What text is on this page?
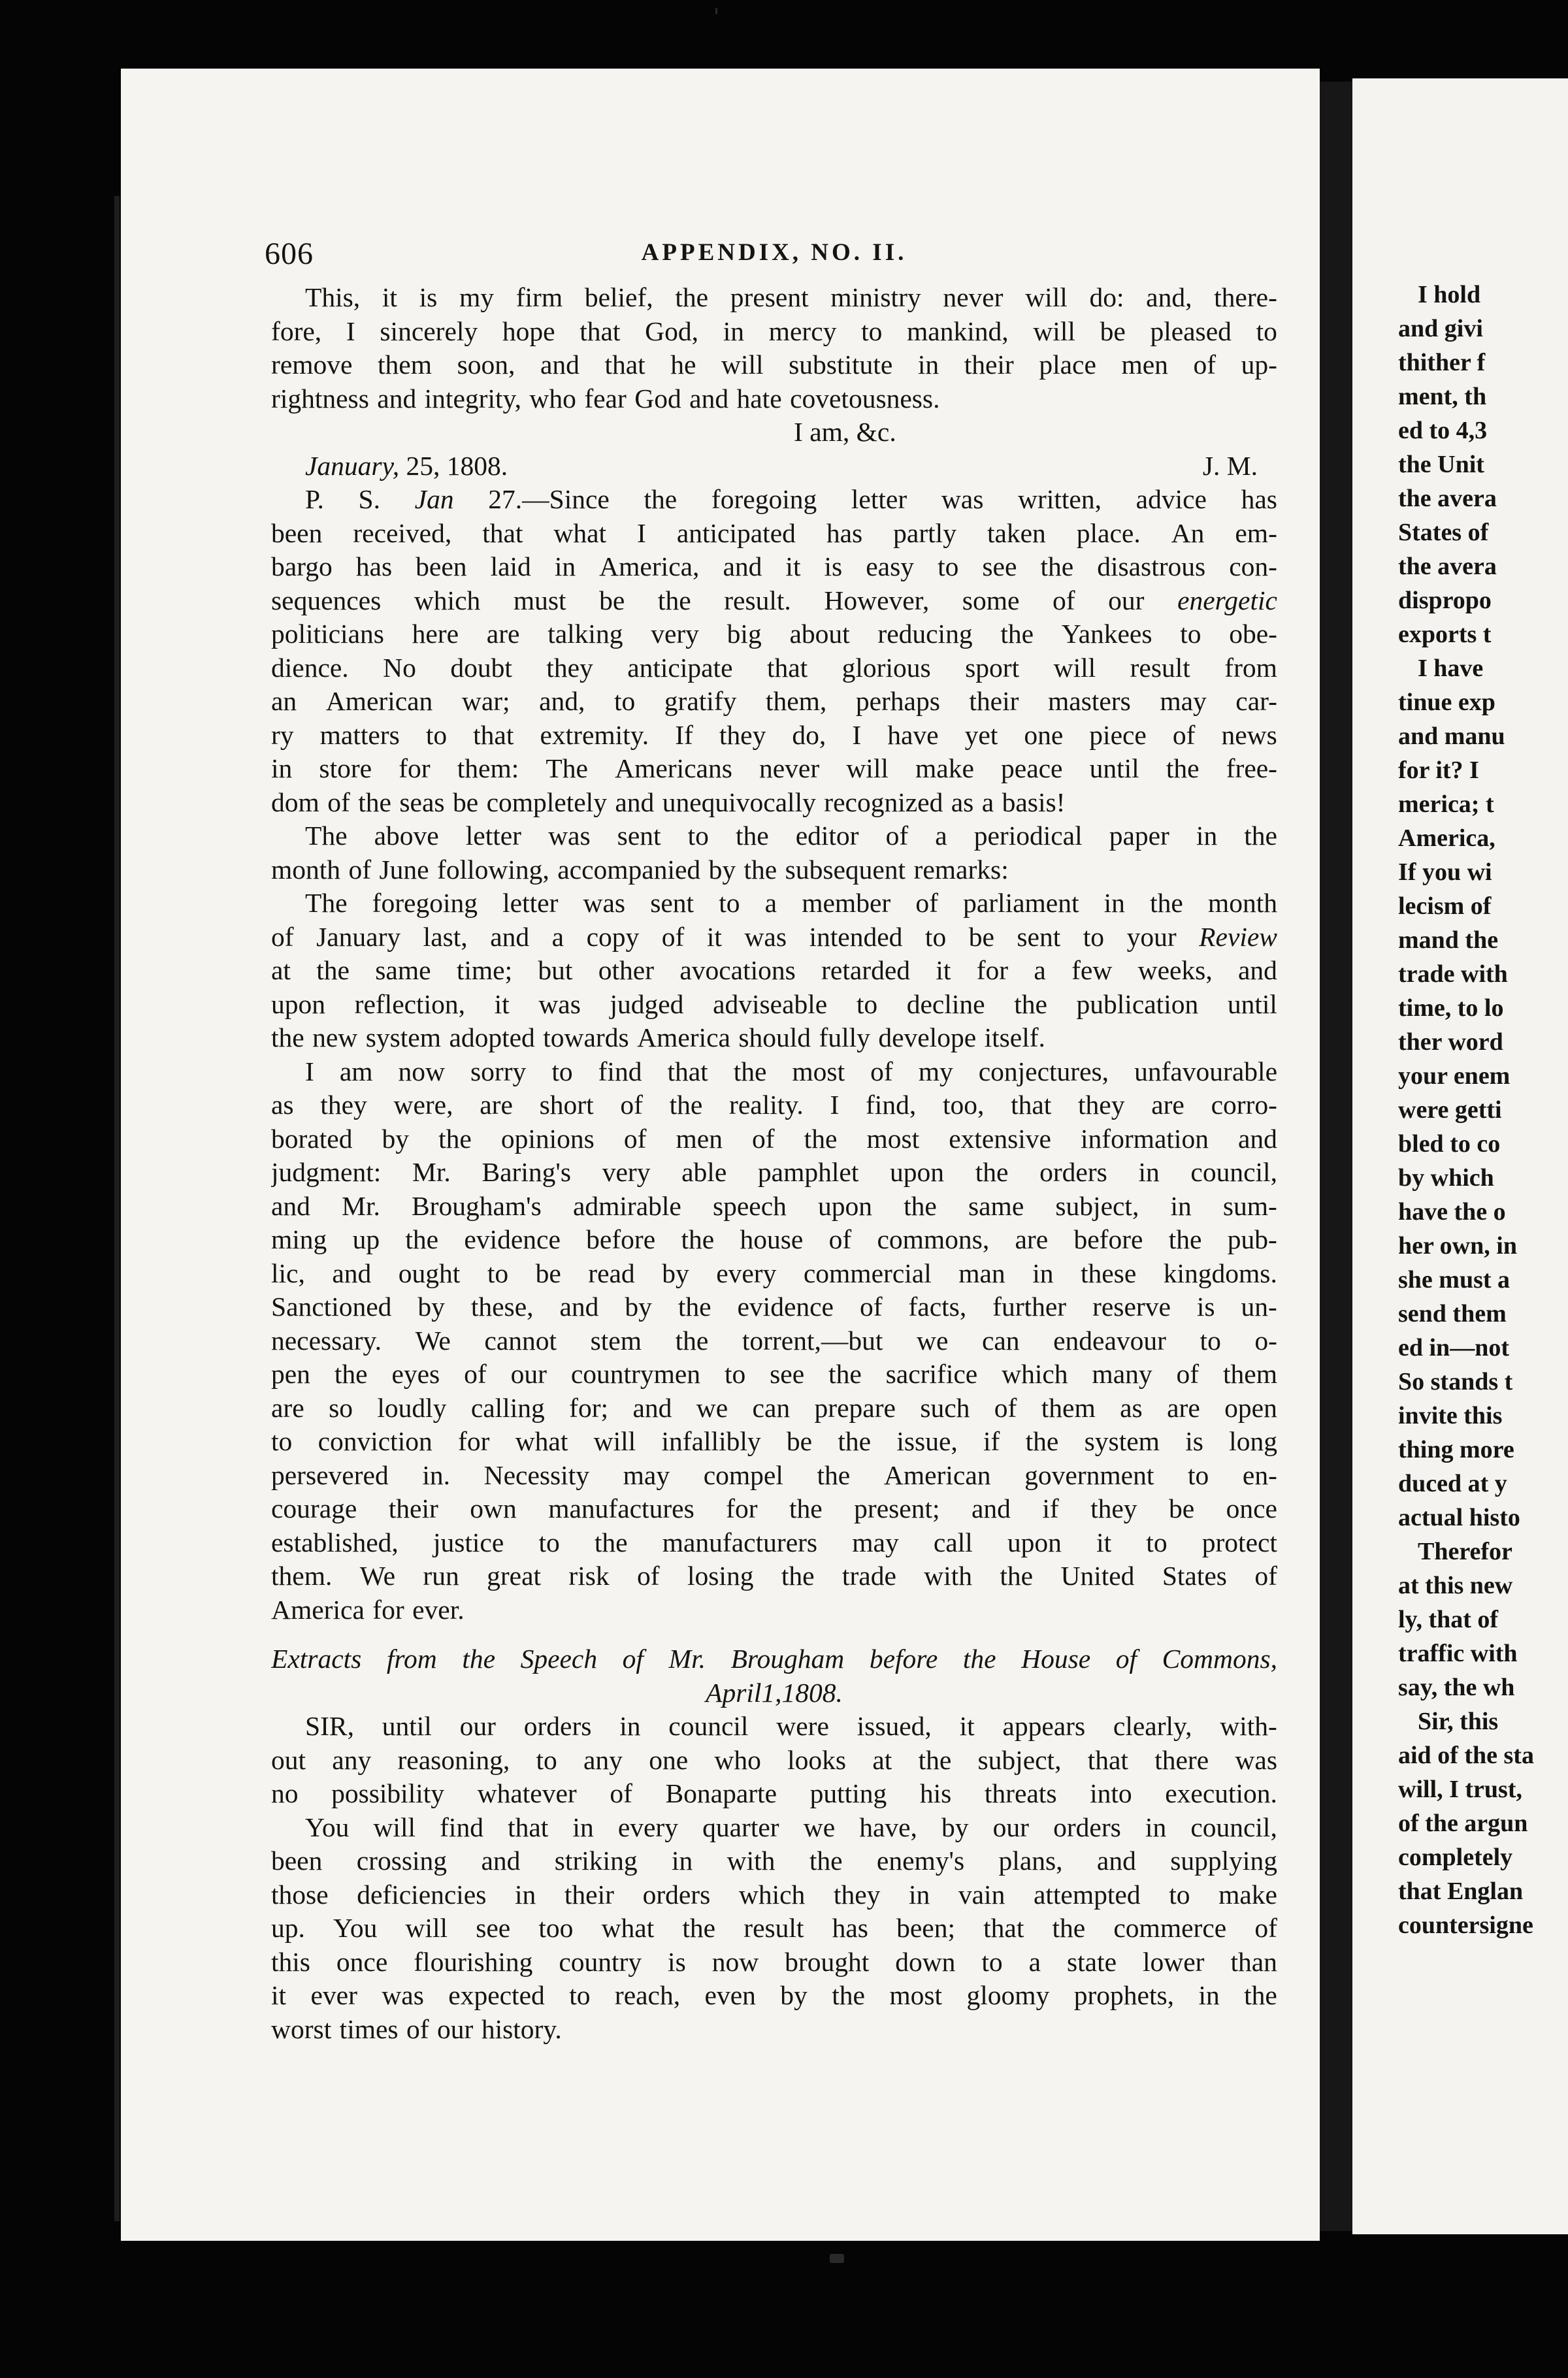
I hold
and givi
thither f
ment, th
ed to 4,3
the Unit
the avera
States of
the avera
dispropo
exports t
I have
tinue exp
and manu
for it? I
merica; t
America,
If you wi
lecism of
mand the
trade with
time, to lo
ther word
your enem
were getti
bled to co
by which
have the o
her own, in
she must a
send them
ed in—not
So stands t
invite this
thing more
duced at y
actual histo
Therefor
at this new
ly, that of
traffic with
say, the wh
Sir, this
aid of the sta
will, I trust,
of the argun
completely
that Englan
countersigne
606	APPENDIX, NO. II.
This, it is my firm belief, the present ministry never will do: and, there-
fore, I sincerely hope that God, in mercy to mankind, will be pleased to
remove them soon, and that he will substitute in their place men of up-
rightness and integrity, who fear God and hate covetousness.
I am, &c.
January, 25, 1808.	J. M.
P. S. Jan 27.—Since the foregoing letter was written, advice has
been received, that what I anticipated has partly taken place. An em-
bargo has been laid in America, and it is easy to see the disastrous con-
sequences which must be the result. However, some of our energetic
politicians here are talking very big about reducing the Yankees to obe-
dience. No doubt they anticipate that glorious sport will result from
an American war; and, to gratify them, perhaps their masters may car-
ry matters to that extremity. If they do, I have yet one piece of news
in store for them: The Americans never will make peace until the free-
dom of the seas be completely and unequivocally recognized as a basis!
The above letter was sent to the editor of a periodical paper in the
month of June following, accompanied by the subsequent remarks:
The foregoing letter was sent to a member of parliament in the month
of January last, and a copy of it was intended to be sent to your Review
at the same time; but other avocations retarded it for a few weeks, and
upon reflection, it was judged adviseable to decline the publication until
the new system adopted towards America should fully develope itself.
I am now sorry to find that the most of my conjectures, unfavourable
as they were, are short of the reality. I find, too, that they are corro-
borated by the opinions of men of the most extensive information and
judgment: Mr. Baring's very able pamphlet upon the orders in council,
and Mr. Brougham's admirable speech upon the same subject, in sum-
ming up the evidence before the house of commons, are before the pub-
lic, and ought to be read by every commercial man in these kingdoms.
Sanctioned by these, and by the evidence of facts, further reserve is un-
necessary. We cannot stem the torrent,—but we can endeavour to o-
pen the eyes of our countrymen to see the sacrifice which many of them
are so loudly calling for; and we can prepare such of them as are open
to conviction for what will infallibly be the issue, if the system is long
persevered in. Necessity may compel the American government to en-
courage their own manufactures for the present; and if they be once
established, justice to the manufacturers may call upon it to protect
them. We run great risk of losing the trade with the United States of
America for ever.
Extracts from the Speech of Mr. Brougham before the House of Commons,
April 1, 1808.
SIR, until our orders in council were issued, it appears clearly, with-
out any reasoning, to any one who looks at the subject, that there was
no possibility whatever of Bonaparte putting his threats into execution.
You will find that in every quarter we have, by our orders in council,
been crossing and striking in with the enemy's plans, and supplying
those deficiencies in their orders which they in vain attempted to make
up. You will see too what the result has been; that the commerce of
this once flourishing country is now brought down to a state lower than
it ever was expected to reach, even by the most gloomy prophets, in the
worst times of our history.
